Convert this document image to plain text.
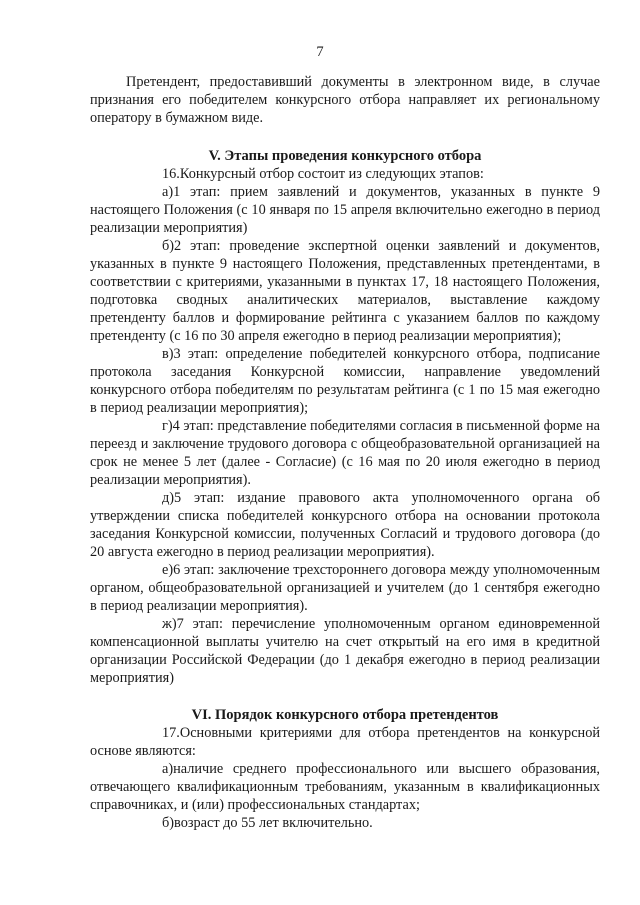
7

Претендент, предоставивший документы в электронном виде, в случае признания его победителем конкурсного отбора направляет их региональному оператору в бумажном виде.

V. Этапы проведения конкурсного отбора

16.Конкурсный отбор состоит из следующих этапов:

а)1 этап: прием заявлений и документов, указанных в пункте 9 настоящего Положения (с 10 января по 15 апреля включительно ежегодно в период реализации мероприятия)

б)2 этап: проведение экспертной оценки заявлений и документов, указанных в пункте 9 настоящего Положения, представленных претендентами, в соответствии с критериями, указанными в пунктах 17, 18 настоящего Положения, подготовка сводных аналитических материалов, выставление каждому претенденту баллов и формирование рейтинга с указанием баллов по каждому претенденту (с 16 по 30 апреля ежегодно в период реализации мероприятия);

в)3 этап: определение победителей конкурсного отбора, подписание протокола заседания Конкурсной комиссии, направление уведомлений конкурсного отбора победителям по результатам рейтинга (с 1 по 15 мая ежегодно в период реализации мероприятия);

г)4 этап: представление победителями согласия в письменной форме на переезд и заключение трудового договора с общеобразовательной организацией на срок не менее 5 лет (далее - Согласие) (с 16 мая по 20 июля ежегодно в период реализации мероприятия).

д)5 этап: издание правового акта уполномоченного органа об утверждении списка победителей конкурсного отбора на основании протокола заседания Конкурсной комиссии, полученных Согласий и трудового договора (до 20 августа ежегодно в период реализации мероприятия).

е)6 этап: заключение трехстороннего договора между уполномоченным органом, общеобразовательной организацией и учителем (до 1 сентября ежегодно в период реализации мероприятия).

ж)7 этап: перечисление уполномоченным органом единовременной компенсационной выплаты учителю на счет открытый на его имя в кредитной организации Российской Федерации (до 1 декабря ежегодно в период реализации мероприятия)

VI. Порядок конкурсного отбора претендентов

17.Основными критериями для отбора претендентов на конкурсной основе являются:

а)наличие среднего профессионального или высшего образования, отвечающего квалификационным требованиям, указанным в квалификационных справочниках, и (или) профессиональных стандартах;

б)возраст до 55 лет включительно.
